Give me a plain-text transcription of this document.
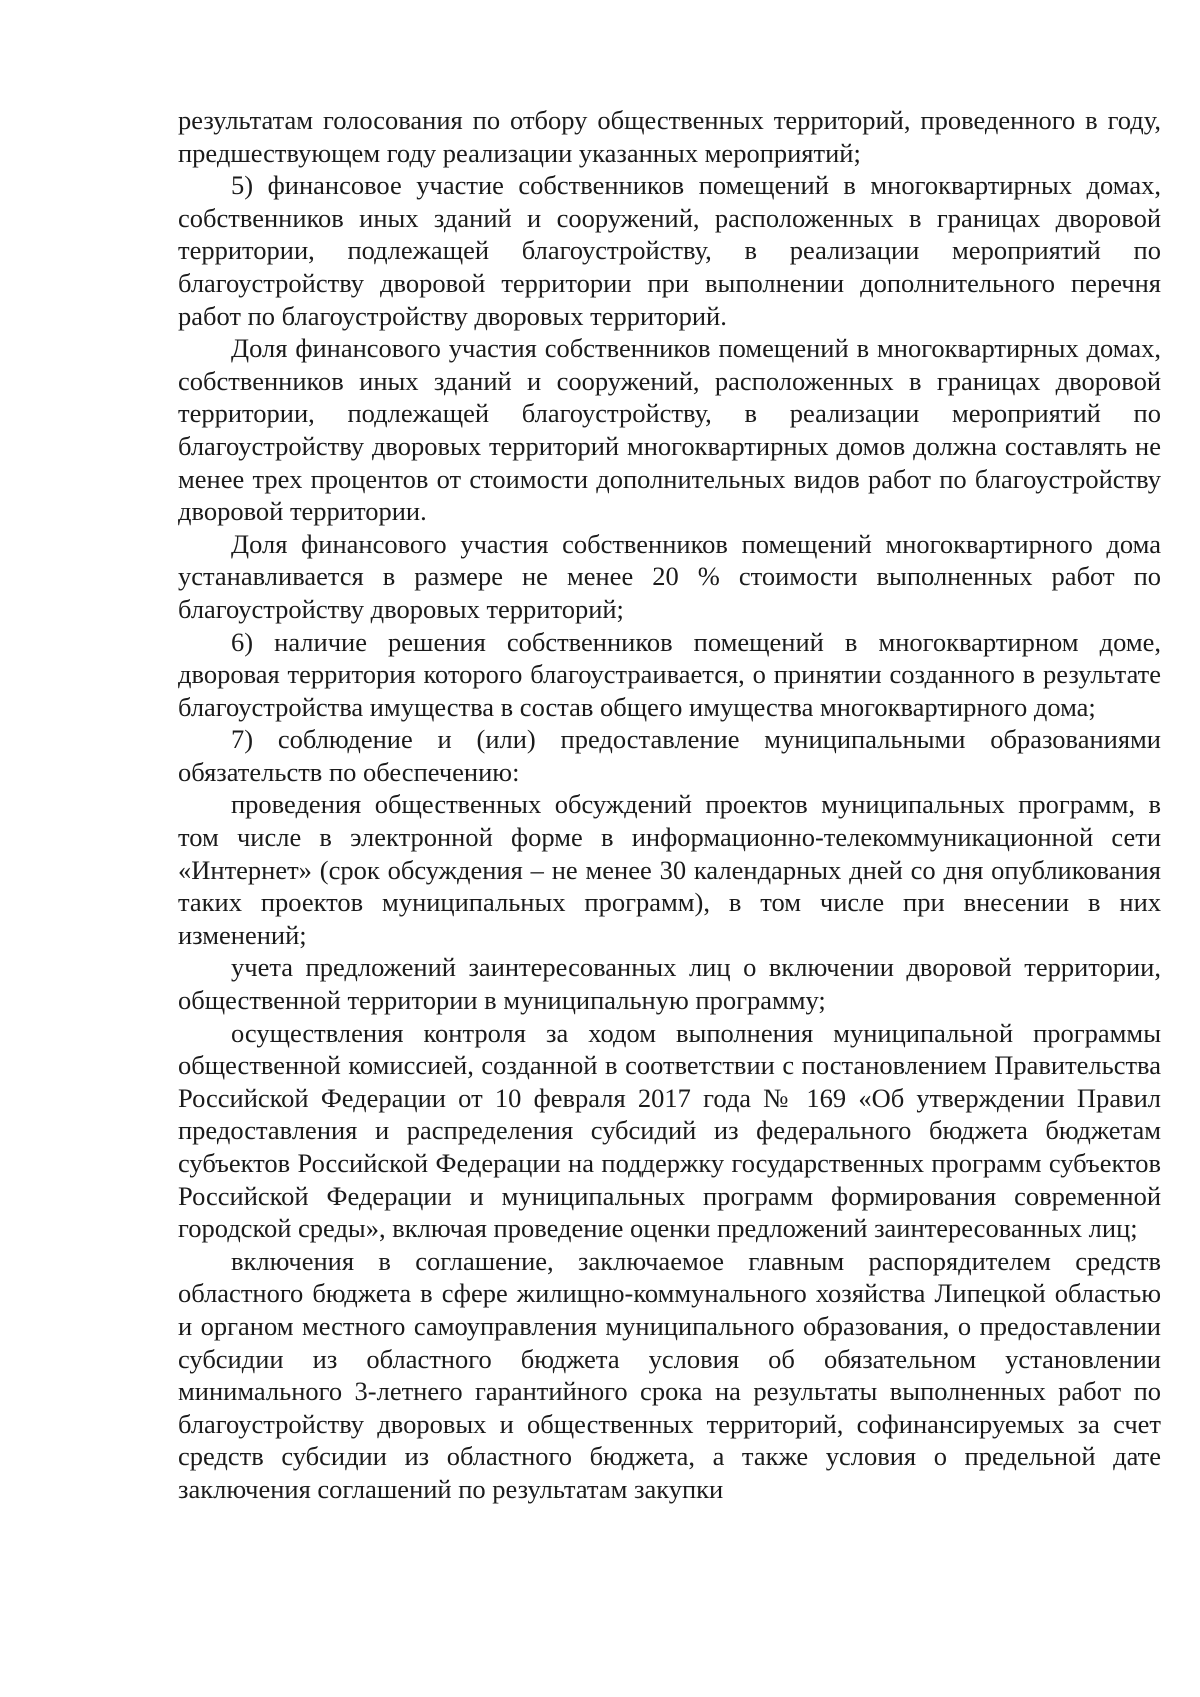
результатам голосования по отбору общественных территорий, проведенного в году, предшествующем году реализации указанных мероприятий;

5) финансовое участие собственников помещений в многоквартирных домах, собственников иных зданий и сооружений, расположенных в границах дворовой территории, подлежащей благоустройству, в реализации мероприятий по благоустройству дворовой территории при выполнении дополнительного перечня работ по благоустройству дворовых территорий.

Доля финансового участия собственников помещений в многоквартирных домах, собственников иных зданий и сооружений, расположенных в границах дворовой территории, подлежащей благоустройству, в реализации мероприятий по благоустройству дворовых территорий многоквартирных домов должна составлять не менее трех процентов от стоимости дополнительных видов работ по благоустройству дворовой территории.

Доля финансового участия собственников помещений многоквартирного дома устанавливается в размере не менее 20 % стоимости выполненных работ по благоустройству дворовых территорий;

6) наличие решения собственников помещений в многоквартирном доме, дворовая территория которого благоустраивается, о принятии созданного в результате благоустройства имущества в состав общего имущества многоквартирного дома;

7) соблюдение и (или) предоставление муниципальными образованиями обязательств по обеспечению:

проведения общественных обсуждений проектов муниципальных программ, в том числе в электронной форме в информационно-телекоммуникационной сети «Интернет» (срок обсуждения – не менее 30 календарных дней со дня опубликования таких проектов муниципальных программ), в том числе при внесении в них изменений;

учета предложений заинтересованных лиц о включении дворовой территории, общественной территории в муниципальную программу;

осуществления контроля за ходом выполнения муниципальной программы общественной комиссией, созданной в соответствии с постановлением Правительства Российской Федерации от 10 февраля 2017 года № 169 «Об утверждении Правил предоставления и распределения субсидий из федерального бюджета бюджетам субъектов Российской Федерации на поддержку государственных программ субъектов Российской Федерации и муниципальных программ формирования современной городской среды», включая проведение оценки предложений заинтересованных лиц;

включения в соглашение, заключаемое главным распорядителем средств областного бюджета в сфере жилищно-коммунального хозяйства Липецкой областью и органом местного самоуправления муниципального образования, о предоставлении субсидии из областного бюджета условия об обязательном установлении минимального 3-летнего гарантийного срока на результаты выполненных работ по благоустройству дворовых и общественных территорий, софинансируемых за счет средств субсидии из областного бюджета, а также условия о предельной дате заключения соглашений по результатам закупки
